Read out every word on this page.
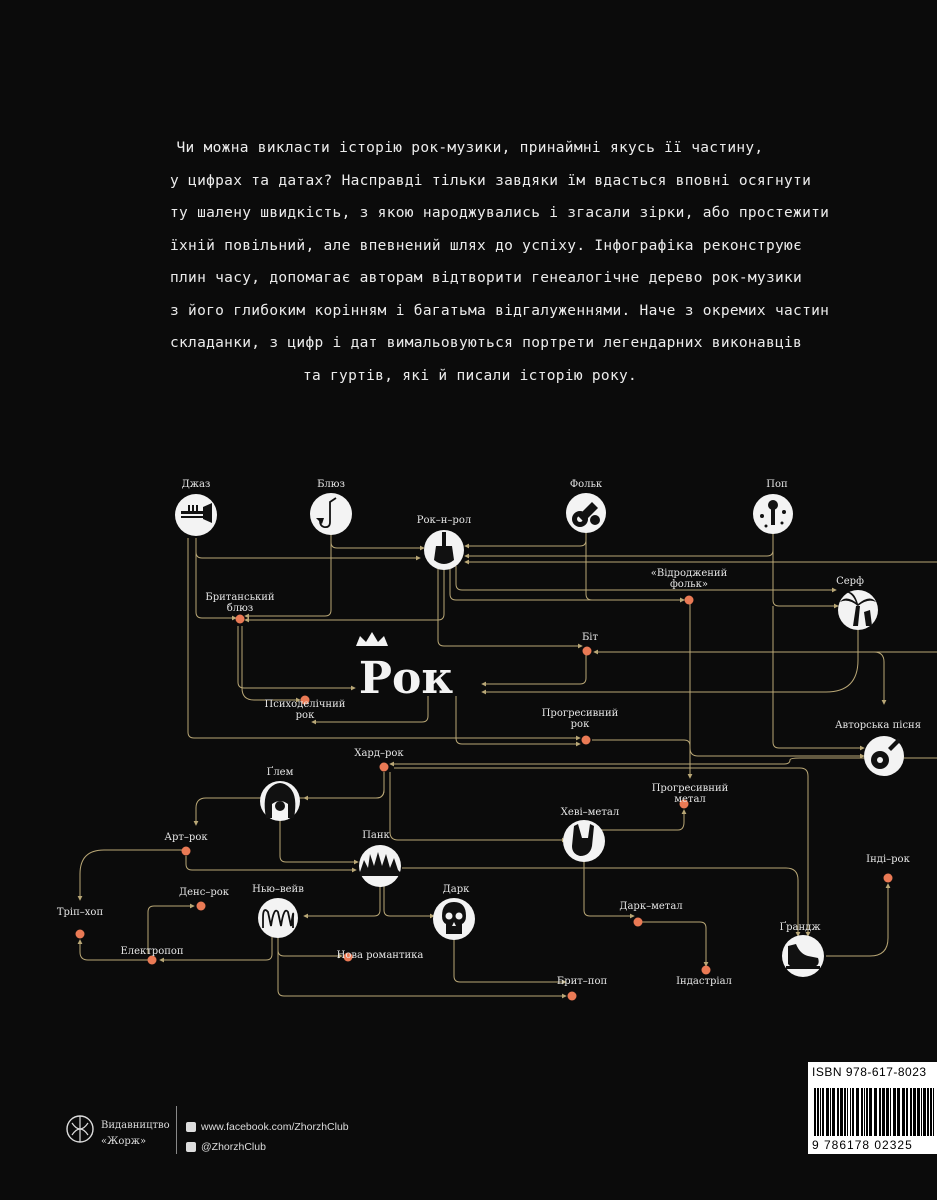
Чи можна викласти історію рок-музики, принаймні якусь її частину,
у цифрах та датах? Насправді тільки завдяки їм вдасться вповні осягнути
ту шалену швидкість, з якою народжувались і згасали зірки, або простежити
їхній повільний, але впевнений шлях до успіху. Інфографіка реконструює
плин часу, допомагає авторам відтворити генеалогічне дерево рок-музики
з його глибоким корінням і багатьма відгалуженнями. Наче з окремих частин
складанки, з цифр і дат вимальовуються портрети легендарних виконавців
та гуртів, які й писали історію року.
Джаз	Блюз
Рок–н–рол
Фольк	Поп
Серф
Авторська пісня
Ґлем
Хеві–метал
Панк
Нью–вейв	Дарк
Ґрандж
Британський блюз
«Відроджений фольк»
Біт
Психоделічний рок	Прогресивний рок
Хард–рок
Прогресивний метал
Арт–рок
Інді–рок
Тріп–хоп
Денс–рок
Дарк–метал
Електропоп	Нова романтика
Брит–поп	Індастріал
Рок
Видавництво
«Жорж»
www.facebook.com/ZhorzhClub
@ZhorzhClub
ISBN 978-617-8023
9 786178 02325
